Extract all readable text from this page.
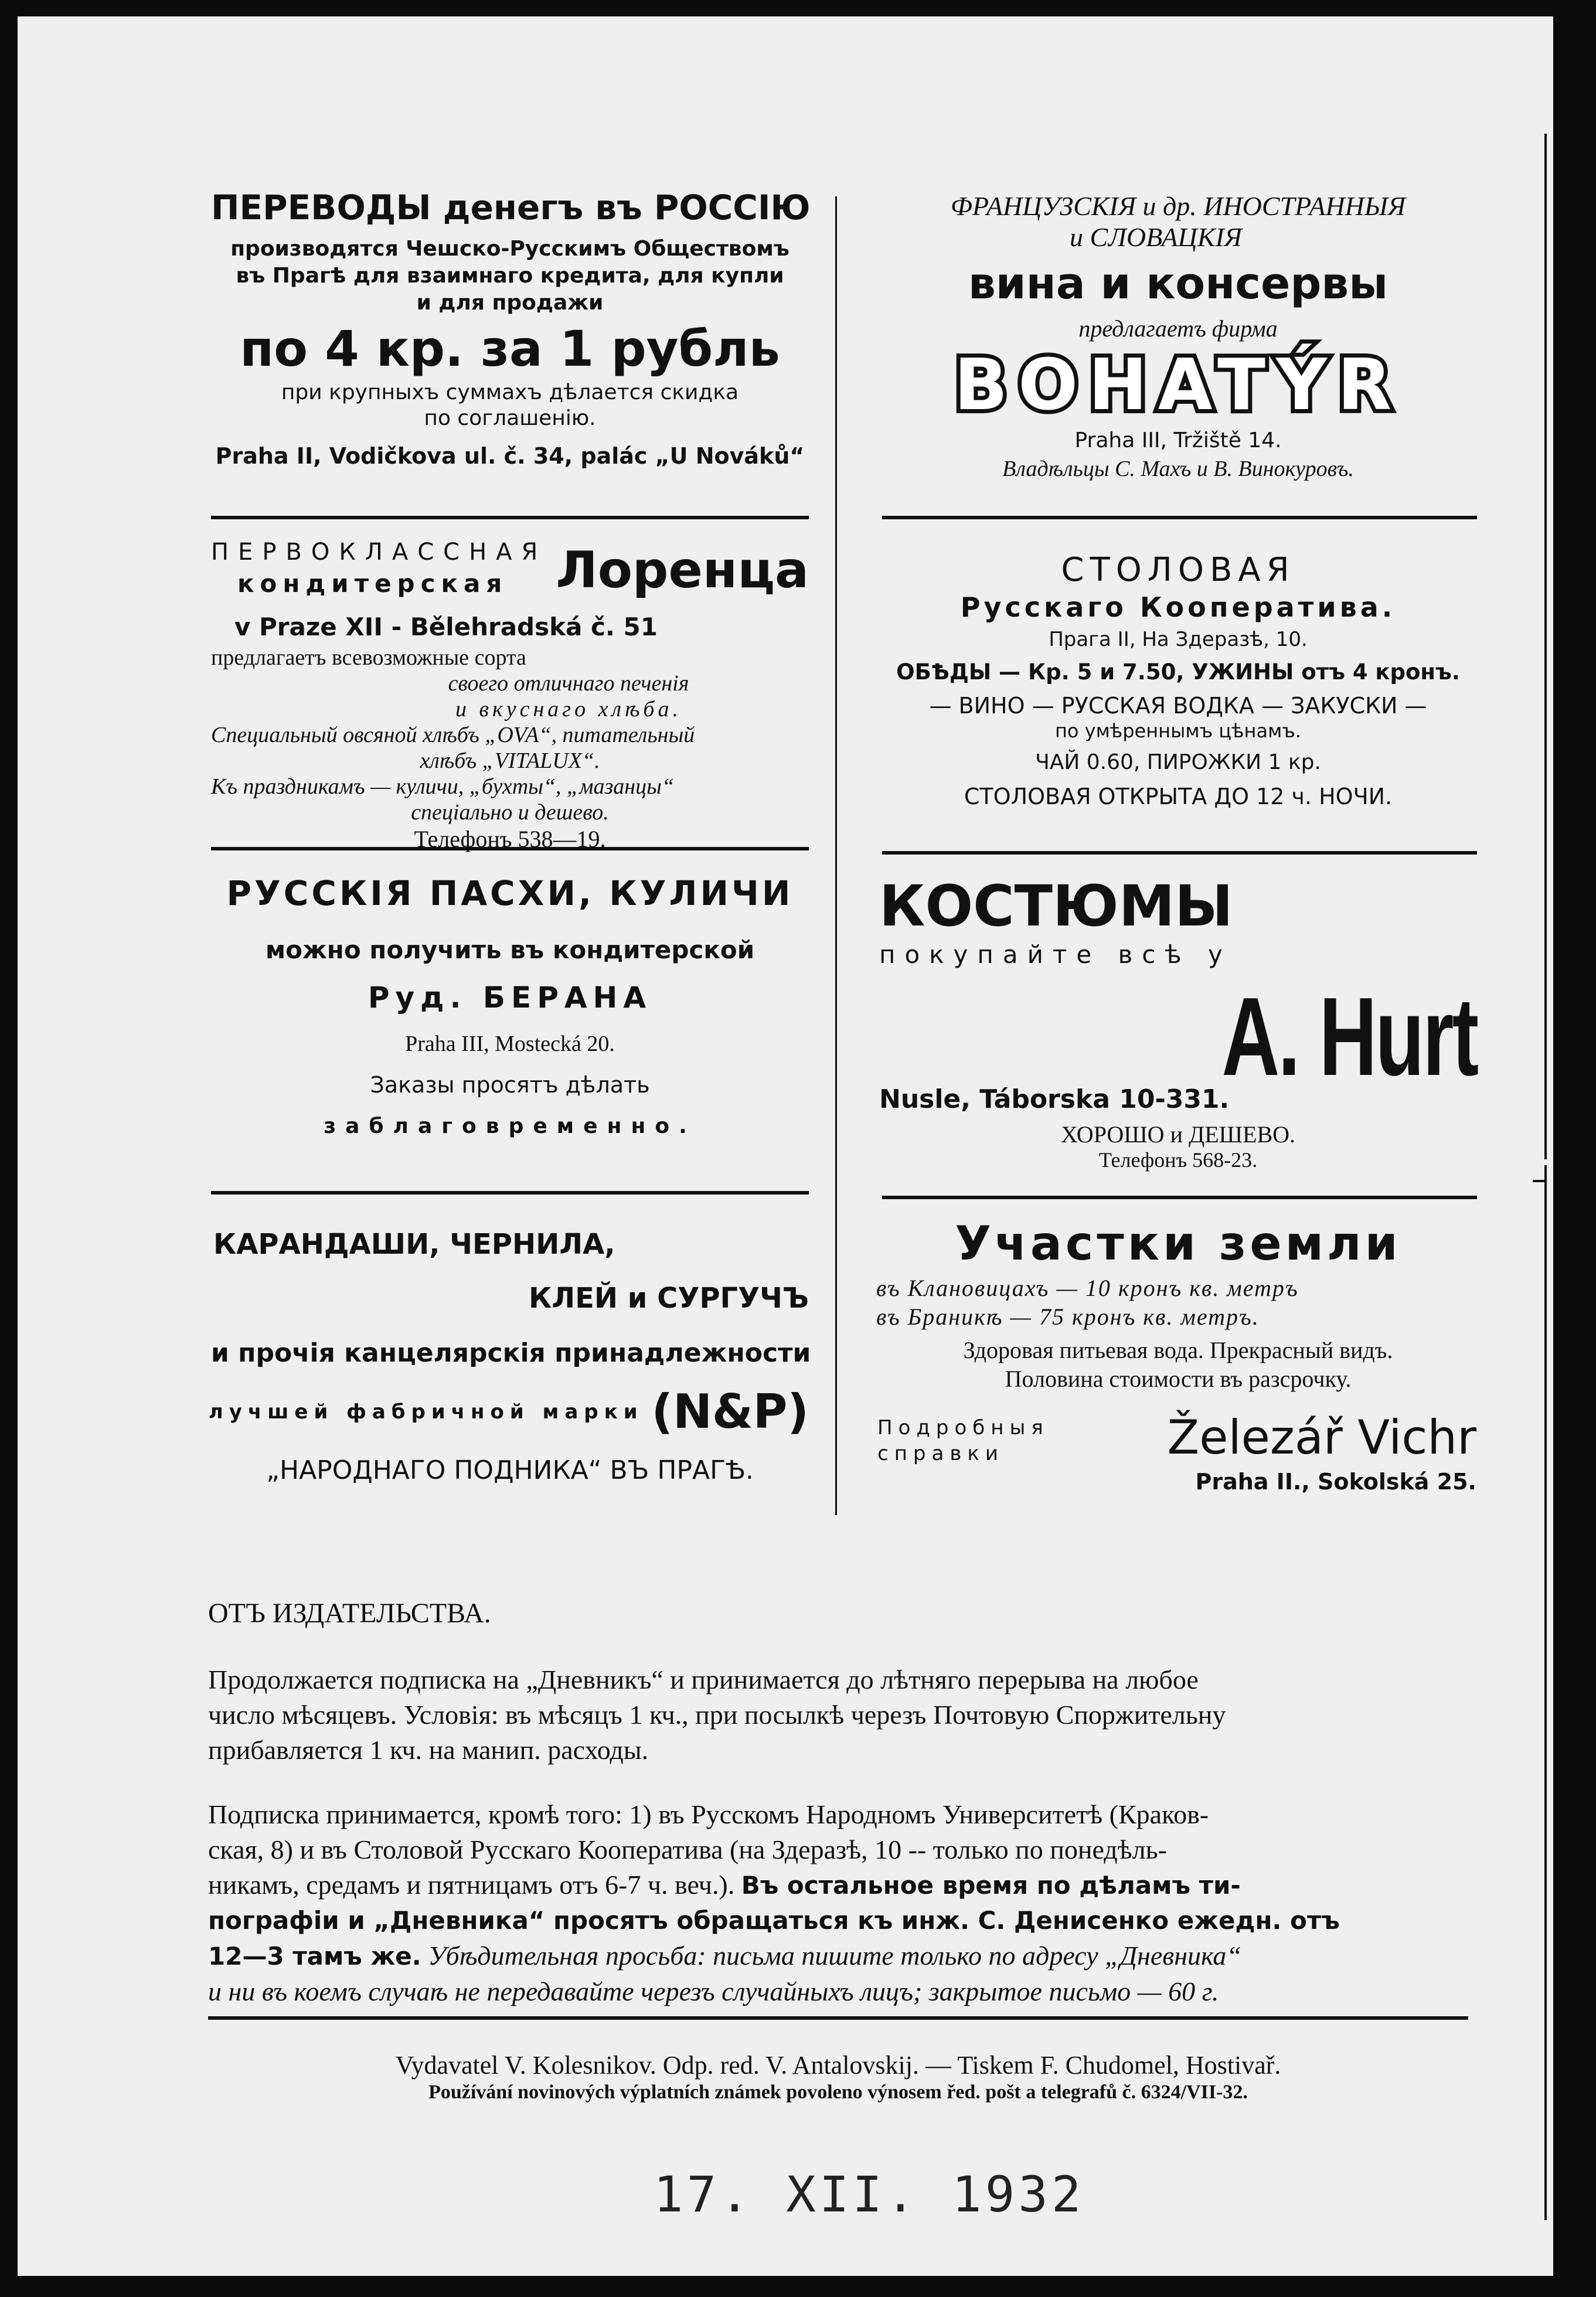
ПЕРЕВОДЫ денегъ въ РОССІЮ
производятся Чешско-Русскимъ Обществомъ
въ Прагѣ для взаимнаго кредита, для купли
и для продажи
по 4 кр. за 1 рубль
при крупныхъ суммахъ дѣлается скидка
по соглашенію.
Praha II, Vodičkova ul. č. 34, palác „U Nováků“
ПЕРВОКЛАССНАЯ
кондитерская Лоренца
v Praze XII - Bělehradská č. 51
предлагаетъ всевозможные сорта
своего отличнаго печенія
и вкуснаго хлѣба.
Специальный овсяной хлѣбъ „OVA“, питательный
хлѣбъ „VITALUX“.
Къ праздникамъ — куличи, „бухты“, „мазанцы“
спеціально и дешево.
Телефонъ 538—19.
РУССКІЯ ПАСХИ, КУЛИЧИ
можно получить въ кондитерской
Руд. БЕРАНА
Praha III, Mostecká 20.
Заказы просятъ дѣлать
заблаговременно.
КАРАНДАШИ, ЧЕРНИЛА,
КЛЕЙ и СУРГУЧЪ
и прочія канцелярскія принадлежности
лучшей фабричной марки (N&P)
„НАРОДНАГО ПОДНИКА“ ВЪ ПРАГѢ.
ФРАНЦУЗСКІЯ и др. ИНОСТРАННЫЯ
и СЛОВАЦКІЯ
вина и консервы
предлагаетъ фирма
BOHATÝR
Praha III, Tržiště 14.
Владѣльцы С. Махъ и В. Винокуровъ.
СТОЛОВАЯ
Русскаго Кооператива.
Прага II, На Здеразѣ, 10.
ОБѢДЫ — Кр. 5 и 7.50, УЖИНЫ отъ 4 кронъ.
— ВИНО — РУССКАЯ ВОДКА — ЗАКУСКИ —
по умѣреннымъ цѣнамъ.
ЧАЙ 0.60, ПИРОЖКИ 1 кр.
СТОЛОВАЯ ОТКРЫТА ДО 12 ч. НОЧИ.
КОСТЮМЫ
покупайте всѣ у
A. Hurt
Nusle, Táborska 10-331.
ХОРОШО и ДЕШЕВО.
Телефонъ 568-23.
Участки земли
въ Клановицахъ — 10 кронъ кв. метръ
въ Браникѣ — 75 кронъ кв. метръ.
Здоровая питьевая вода. Прекрасный видъ.
Половина стоимости въ разсрочку.
Подробныя
справки	Železář Vichr
Praha II., Sokolská 25.
ОТЪ ИЗДАТЕЛЬСТВА.
Продолжается подписка на „Дневникъ“ и принимается до лѣтняго перерыва на любое
число мѣсяцевъ. Условія: въ мѣсяцъ 1 кч., при посылкѣ черезъ Почтовую Споржитeльну
прибавляется 1 кч. на манип. расходы.
Подписка принимается, кромѣ того: 1) въ Русскомъ Народномъ Университетѣ (Краков-
ская, 8) и въ Столовой Русскаго Кооператива (на Здеразѣ, 10 -- только по понедѣль-
никамъ, средамъ и пятницамъ отъ 6-7 ч. веч.). Въ остальное время по дѣламъ ти-
пографіи и „Дневника“ просятъ обращаться къ инж. С. Денисенко ежедн. отъ
12—3 тамъ же. Убѣдительная просьба: письма пишите только по адресу „Дневника“
и ни въ коемъ случаѣ не передавайте черезъ случайныхъ лицъ; закрытое письмо — 60 г.
Vydavatel V. Kolesnikov. Odp. red. V. Antalovskij. — Tiskem F. Chudomel, Hostivař.
Používání novinových výplatních známek povoleno výnosem řed. pošt a telegrafů č. 6324/VII-32.
17. XII. 1932
